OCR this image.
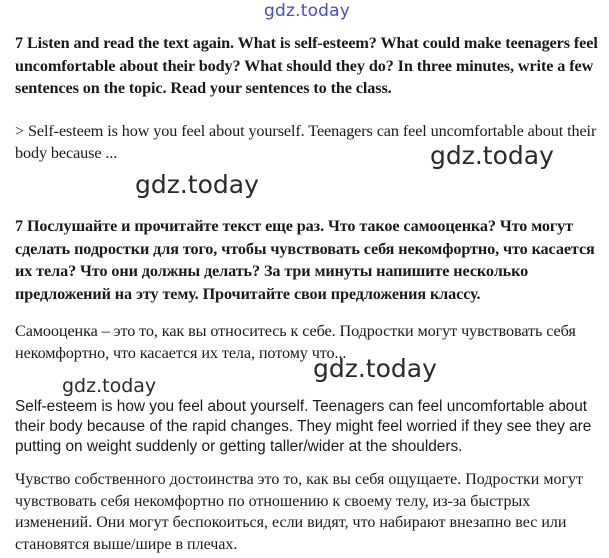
gdz.today
7 Listen and read the text again. What is self-esteem? What could make teenagers feel uncomfortable about their body? What should they do? In three minutes, write a few sentences on the topic. Read your sentences to the class.
> Self-esteem is how you feel about yourself. Teenagers can feel uncomfortable about their body because ...	gdz.today
gdz.today
7 Послушайте и прочитайте текст еще раз. Что такое самооценка? Что могут сделать подростки для того, чтобы чувствовать себя некомфортно, что касается их тела? Что они должны делать? За три минуты напишите несколько предложений на эту тему. Прочитайте свои предложения классу.
Самооценка – это то, как вы относитесь к себе. Подростки могут чувствовать себя некомфортно, что касается их тела, потому что...
gdz.today
gdz.today
Self-esteem is how you feel about yourself. Teenagers can feel uncomfortable about their body because of the rapid changes. They might feel worried if they see they are putting on weight suddenly or getting taller/wider at the shoulders.
Чувство собственного достоинства это то, как вы себя ощущаете. Подростки могут чувствовать себя некомфортно по отношению к своему телу, из-за быстрых изменений. Они могут беспокоиться, если видят, что набирают внезапно вес или становятся выше/шире в плечах.
